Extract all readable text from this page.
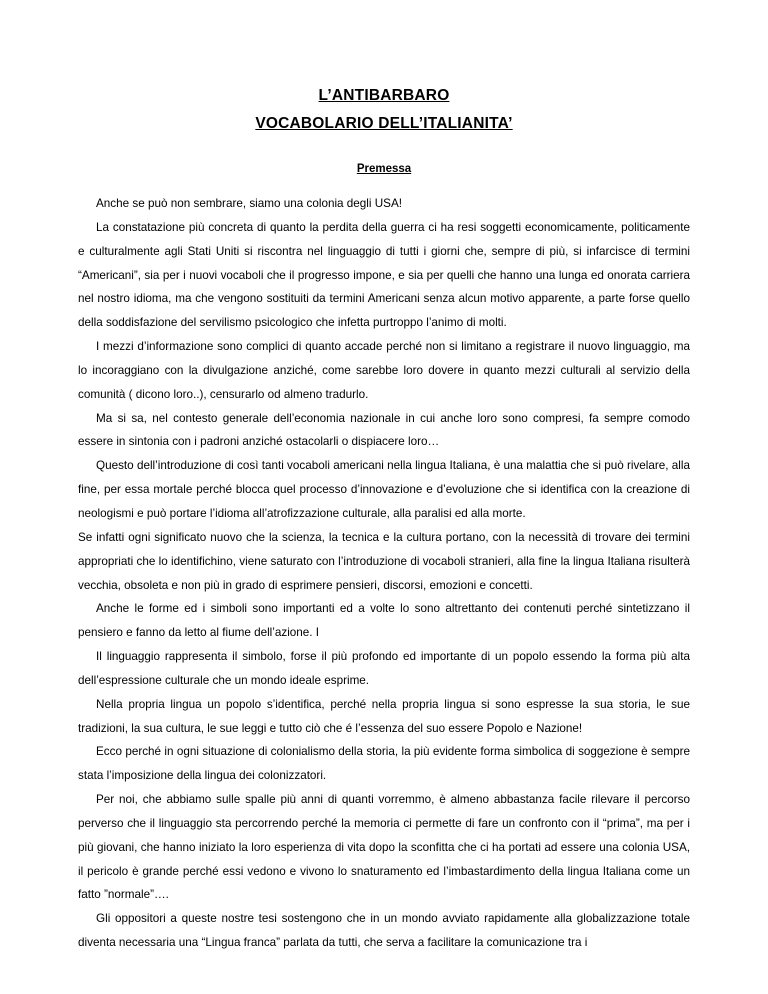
L’ANTIBARBARO
VOCABOLARIO DELL’ITALIANITA’
Premessa

Anche se può non sembrare, siamo una colonia degli USA!

La constatazione più concreta di quanto la perdita della guerra ci ha resi soggetti economicamente, politicamente e culturalmente agli Stati Uniti si riscontra nel linguaggio di tutti i giorni che, sempre di più, si infarcisce di termini “Americani”, sia per i nuovi vocaboli che il progresso impone, e sia per quelli che hanno una lunga ed onorata carriera nel nostro idioma, ma che vengono sostituiti da termini Americani senza alcun motivo apparente, a parte forse quello della soddisfazione del servilismo psicologico che infetta purtroppo l’animo di molti.

I mezzi d’informazione sono complici di quanto accade perché non si limitano a registrare il nuovo linguaggio, ma lo incoraggiano con la divulgazione anziché, come sarebbe loro dovere in quanto mezzi culturali al servizio della comunità ( dicono loro..), censurarlo od almeno tradurlo.

Ma si sa, nel contesto generale dell’economia nazionale in cui anche loro sono compresi, fa sempre comodo essere in sintonia con i padroni anziché ostacolarli o dispiacere loro…

Questo dell’introduzione di così tanti vocaboli americani nella lingua Italiana, è una malattia che si può rivelare, alla fine, per essa mortale perché blocca quel processo d’innovazione e d’evoluzione che si identifica con la creazione di neologismi e può portare l’idioma all’atrofizzazione culturale, alla paralisi ed alla morte.

Se infatti ogni significato nuovo che la scienza, la tecnica e la cultura portano, con la necessità di trovare dei termini appropriati che lo identifichino, viene saturato con l’introduzione di vocaboli stranieri, alla fine la lingua Italiana risulterà vecchia, obsoleta e non più in grado di esprimere pensieri, discorsi, emozioni e concetti.

Anche le forme ed i simboli sono importanti ed a volte lo sono altrettanto dei contenuti perché sintetizzano il pensiero e fanno da letto al fiume dell’azione. I

Il linguaggio rappresenta il simbolo, forse il più profondo ed importante di un popolo essendo la forma più alta dell’espressione culturale che un mondo ideale esprime.

Nella propria lingua un popolo s’identifica, perché nella propria lingua si sono espresse la sua storia, le sue tradizioni, la sua cultura, le sue leggi e tutto ciò che é l’essenza del suo essere Popolo e Nazione!

Ecco perché in ogni situazione di colonialismo della storia, la più evidente forma simbolica di soggezione è sempre stata l’imposizione della lingua dei colonizzatori.

Per noi, che abbiamo sulle spalle più anni di quanti vorremmo, è almeno abbastanza facile rilevare il percorso perverso che il linguaggio sta percorrendo perché la memoria ci permette di fare un confronto con il “prima”, ma per i più giovani, che hanno iniziato la loro esperienza di vita dopo la sconfitta che ci ha portati ad essere una colonia USA, il pericolo è grande perché essi vedono e vivono lo snaturamento ed l’imbastardimento della lingua Italiana come un fatto ”normale”….

Gli oppositori a queste nostre tesi sostengono che in un mondo avviato rapidamente alla globalizzazione totale diventa necessaria una “Lingua franca” parlata da tutti, che serva a facilitare la comunicazione tra i
